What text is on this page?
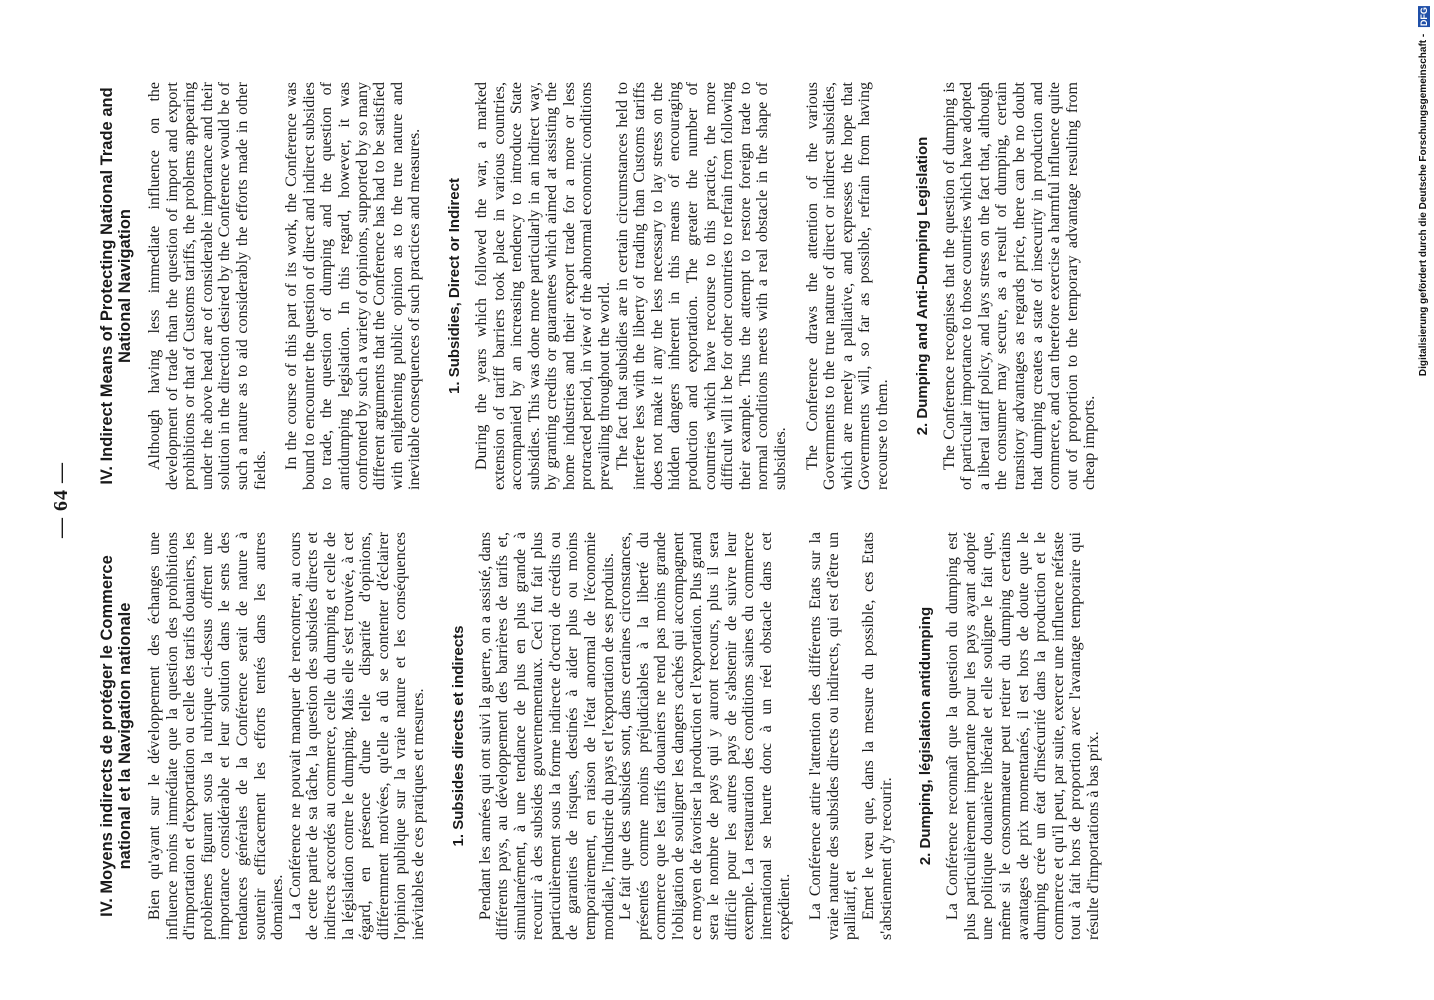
— 64 —
IV. Moyens indirects de protéger le Commerce national et la Navigation nationale Bien qu'ayant sur le développement des échanges une influence moins immédiate que la question des prohibitions d'importation et d'exportation ou celle des tarifs douaniers, les problèmes figurant sous la rubrique ci-dessus offrent une importance considérable et leur solution dans le sens des tendances générales de la Conférence serait de nature à soutenir efficacement les efforts tentés dans les autres domaines. La Conférence ne pouvait manquer de rencontrer, au cours de cette partie de sa tâche, la question des subsides directs et indirects accordés au commerce, celle du dumping et celle de la législation contre le dumping. Mais elle s'est trouvée, à cet égard, en présence d'une telle disparité d'opinions, différemment motivées, qu'elle a dû se contenter d'éclairer l'opinion publique sur la vraie nature et les conséquences inévitables de ces pratiques et mesures. 1. Subsides directs et indirects Pendant les années qui ont suivi la guerre, on a assisté, dans différents pays, au développement des barrières de tarifs et, simultanément, à une tendance de plus en plus grande à recourir à des subsides gouvernementaux. Ceci fut fait plus particulièrement sous la forme indirecte d'octroi de crédits ou de garanties de risques, destinés à aider plus ou moins temporairement, en raison de l'état anormal de l'économie mondiale, l'industrie du pays et l'exportation de ses produits. Le fait que des subsides sont, dans certaines circonstances, présentés comme moins préjudiciables à la liberté du commerce que les tarifs douaniers ne rend pas moins grande l'obligation de souligner les dangers cachés qui accompagnent ce moyen de favoriser la production et l'exportation. Plus grand sera le nombre de pays qui y auront recours, plus il sera difficile pour les autres pays de s'abstenir de suivre leur exemple. La restauration des conditions saines du commerce international se heurte donc à un réel obstacle dans cet expédient. La Conférence attire l'attention des différents Etats sur la vraie nature des subsides directs ou indirects, qui est d'être un palliatif, et Emet le vœu que, dans la mesure du possible, ces Etats s'abstiennent d'y recourir. 2. Dumping, législation antidumping La Conférence reconnaît que la question du dumping est plus particulièrement importante pour les pays ayant adopté une politique douanière libérale et elle souligne le fait que, même si le consommateur peut retirer du dumping certains avantages de prix momentanés, il est hors de doute que le dumping crée un état d'insécurité dans la production et le commerce et qu'il peut, par suite, exercer une influence néfaste tout à fait hors de proportion avec l'avantage temporaire qui résulte d'importations à bas prix.

IV. Indirect Means of Protecting National Trade and National Navigation Although having less immediate influence on the development of trade than the question of import and export prohibitions or that of Customs tariffs, the problems appearing under the above head are of considerable importance and their solution in the direction desired by the Conference would be of such a nature as to aid considerably the efforts made in other fields.

In the course of this part of its work, the Conference was bound to encounter the question of direct and indirect subsidies to trade, the question of dumping and the question of antidumping legislation. In this regard, however, it was confronted by such a variety of opinions, supported by so many different arguments that the Conference has had to be satisfied with enlightening public opinion as to the true nature and inevitable consequences of such practices and measures. 1. Subsidies, Direct or Indirect During the years which followed the war, a marked extension of tariff barriers took place in various countries, accompanied by an increasing tendency to introduce State subsidies. This was done more particularly in an indirect way, by granting credits or guarantees which aimed at assisting the home industries and their export trade for a more or less protracted period, in view of the abnormal economic conditions prevailing throughout the world. The fact that subsidies are in certain circumstances held to interfere less with the liberty of trading than Customs tariffs does not make it any the less necessary to lay stress on the hidden dangers inherent in this means of encouraging production and exportation. The greater the number of countries which have recourse to this practice, the more difficult will it be for other countries to refrain from following their example. Thus the attempt to restore foreign trade to normal conditions meets with a real obstacle in the shape of subsidies. The Conference draws the attention of the various Governments to the true nature of direct or indirect subsidies, which are merely a palliative, and expresses the hope that Governments will, so far as possible, refrain from having recourse to them. 2. Dumping and Anti-Dumping Legislation The Conference recognises that the question of dumping is of particular importance to those countries which have adopted a liberal tariff policy, and lays stress on the fact that, although the consumer may secure, as a result of dumping, certain transitory advantages as regards price, there can be no doubt that dumping creates a state of insecurity in production and commerce, and can therefore exercise a harmful influence quite out of proportion to the temporary advantage resulting from cheap imports.

Digitalisierung gefördert durch die Deutsche Forschungsgemeinschaft - DFG
